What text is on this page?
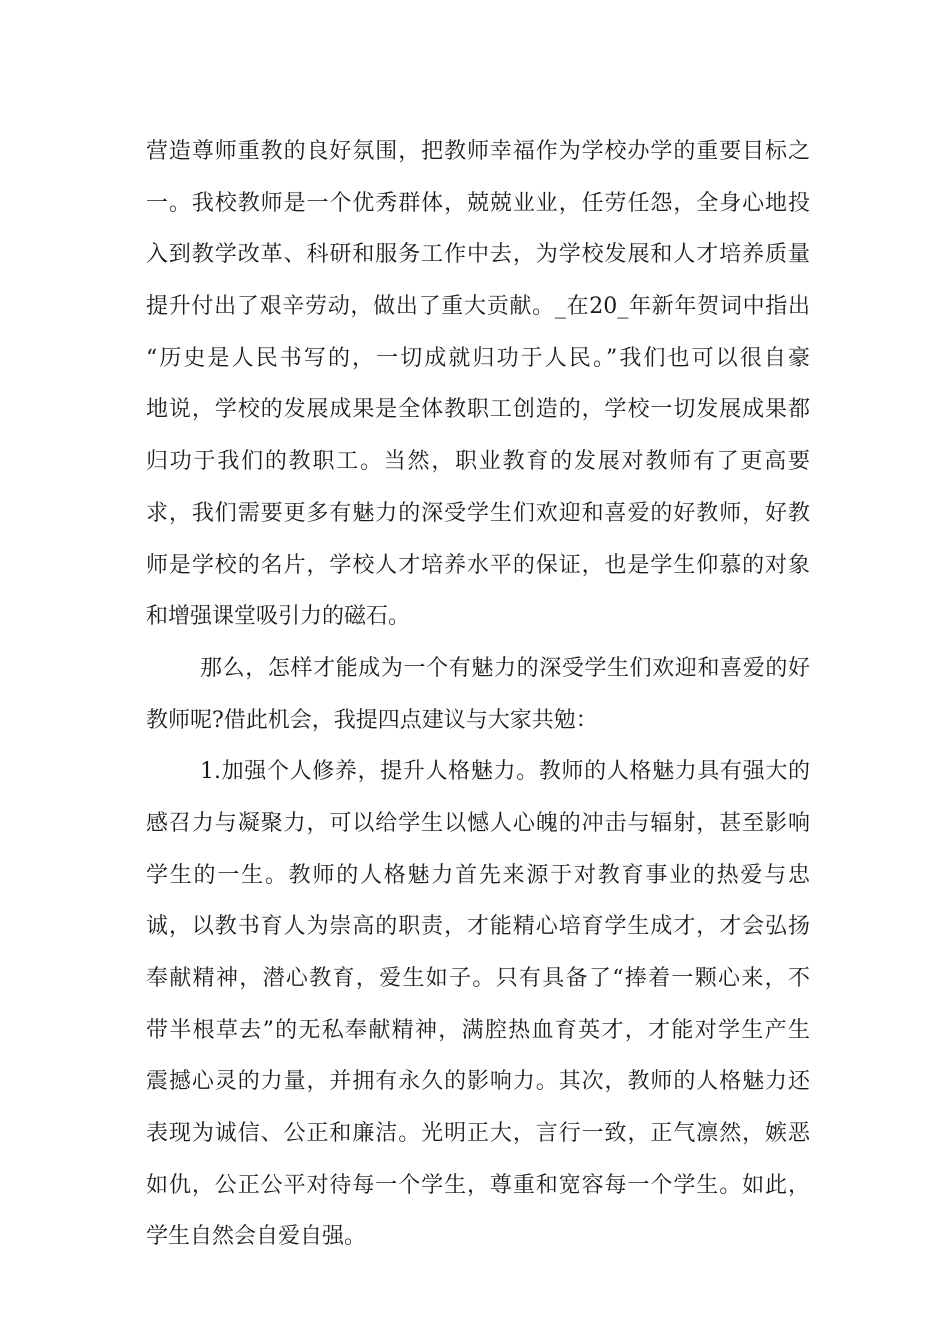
营造尊师重教的良好氛围，把教师幸福作为学校办学的重要目标之
一。我校教师是一个优秀群体，兢兢业业，任劳任怨，全身心地投
入到教学改革、科研和服务工作中去，为学校发展和人才培养质量
提升付出了艰辛劳动，做出了重大贡献。_在20_年新年贺词中指出
“历史是人民书写的，一切成就归功于人民。”我们也可以很自豪
地说，学校的发展成果是全体教职工创造的，学校一切发展成果都
归功于我们的教职工。当然，职业教育的发展对教师有了更高要
求，我们需要更多有魅力的深受学生们欢迎和喜爱的好教师，好教
师是学校的名片，学校人才培养水平的保证，也是学生仰慕的对象
和增强课堂吸引力的磁石。
那么，怎样才能成为一个有魅力的深受学生们欢迎和喜爱的好
教师呢?借此机会，我提四点建议与大家共勉：
1.加强个人修养，提升人格魅力。教师的人格魅力具有强大的
感召力与凝聚力，可以给学生以憾人心魄的冲击与辐射，甚至影响
学生的一生。教师的人格魅力首先来源于对教育事业的热爱与忠
诚，以教书育人为崇高的职责，才能精心培育学生成才，才会弘扬
奉献精神，潜心教育，爱生如子。只有具备了“捧着一颗心来，不
带半根草去”的无私奉献精神，满腔热血育英才，才能对学生产生
震撼心灵的力量，并拥有永久的影响力。其次，教师的人格魅力还
表现为诚信、公正和廉洁。光明正大，言行一致，正气凛然，嫉恶
如仇，公正公平对待每一个学生，尊重和宽容每一个学生。如此，
学生自然会自爱自强。
